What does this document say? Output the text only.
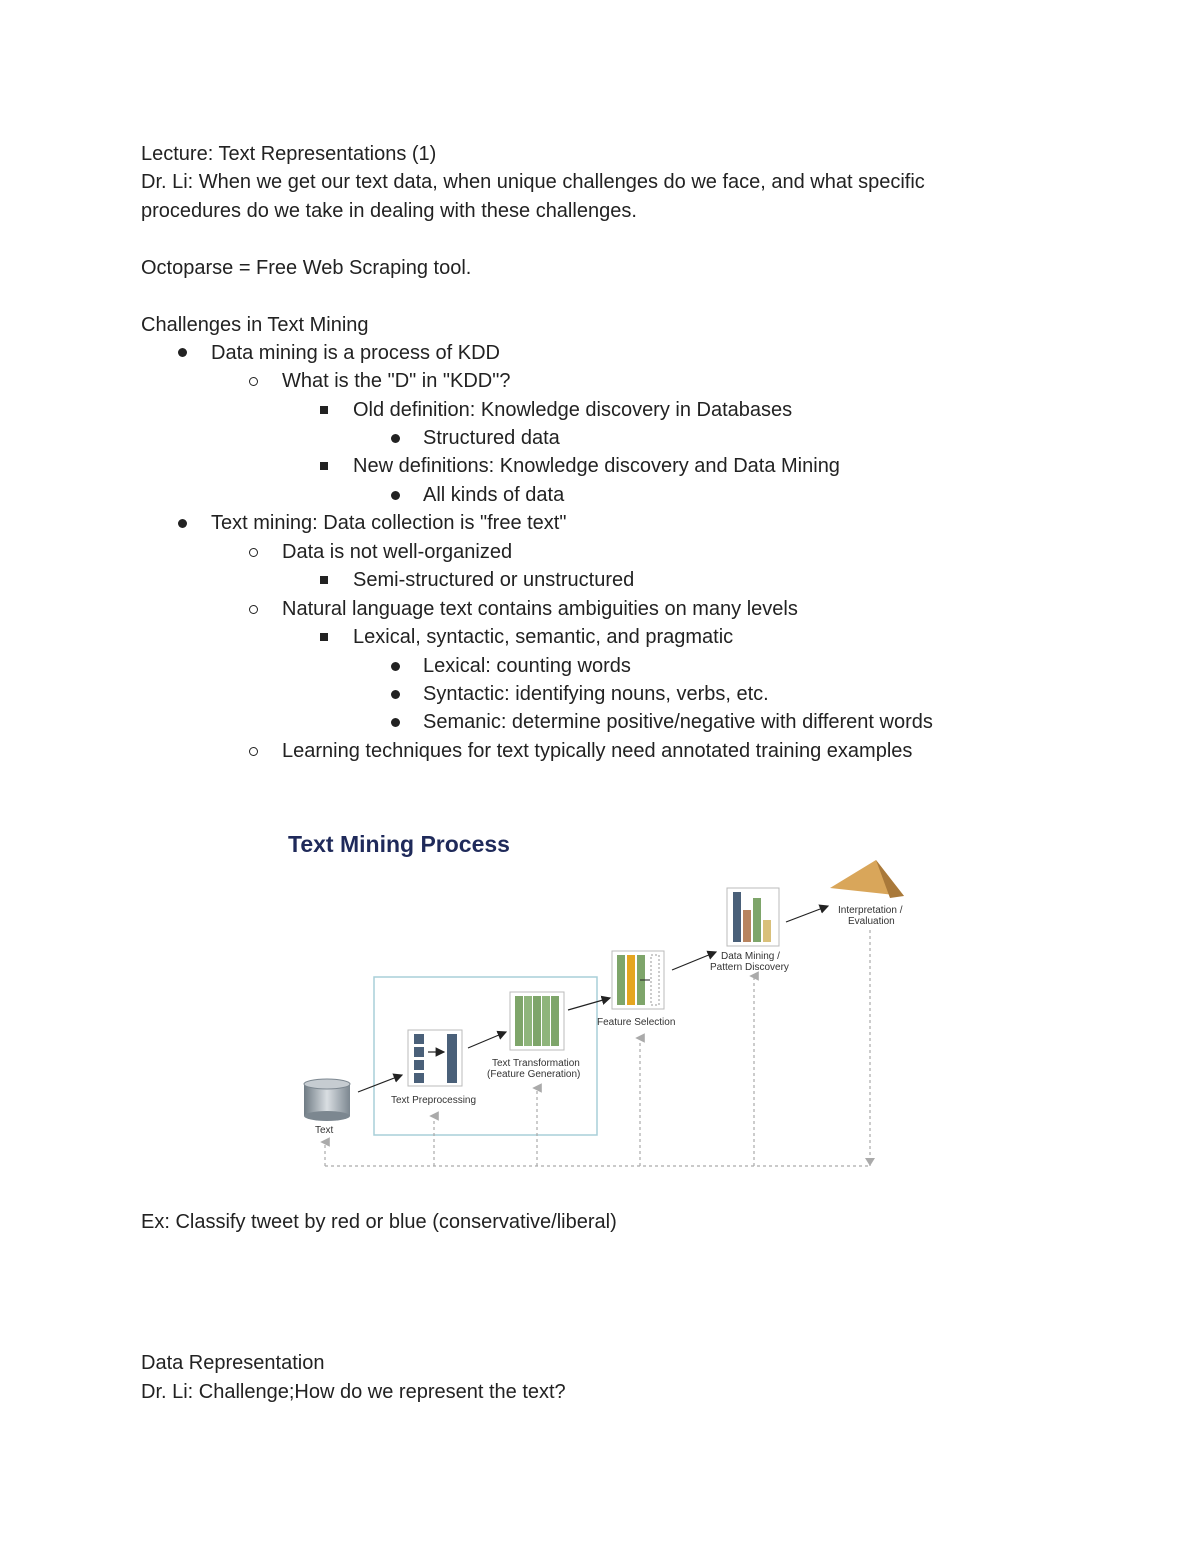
Lecture: Text Representations (1)
Dr. Li: When we get our text data, when unique challenges do we face, and what specific
procedures do we take in dealing with these challenges.
Octoparse = Free Web Scraping tool.
Challenges in Text Mining
Data mining is a process of KDD
What is the "D" in "KDD"?
Old definition: Knowledge discovery in Databases
Structured data
New definitions: Knowledge discovery and Data Mining
All kinds of data
Text mining: Data collection is "free text"
Data is not well-organized
Semi-structured or unstructured
Natural language text contains ambiguities on many levels
Lexical, syntactic, semantic, and pragmatic
Lexical: counting words
Syntactic: identifying nouns, verbs, etc.
Semanic: determine positive/negative with different words
Learning techniques for text typically need annotated training examples
Text Mining Process
Text
Text Preprocessing
Text Transformation
(Feature Generation)
Feature Selection
Data Mining /
Pattern Discovery
Interpretation /
Evaluation
Ex: Classify tweet by red or blue (conservative/liberal)
Data Representation
Dr. Li: Challenge;How do we represent the text?
